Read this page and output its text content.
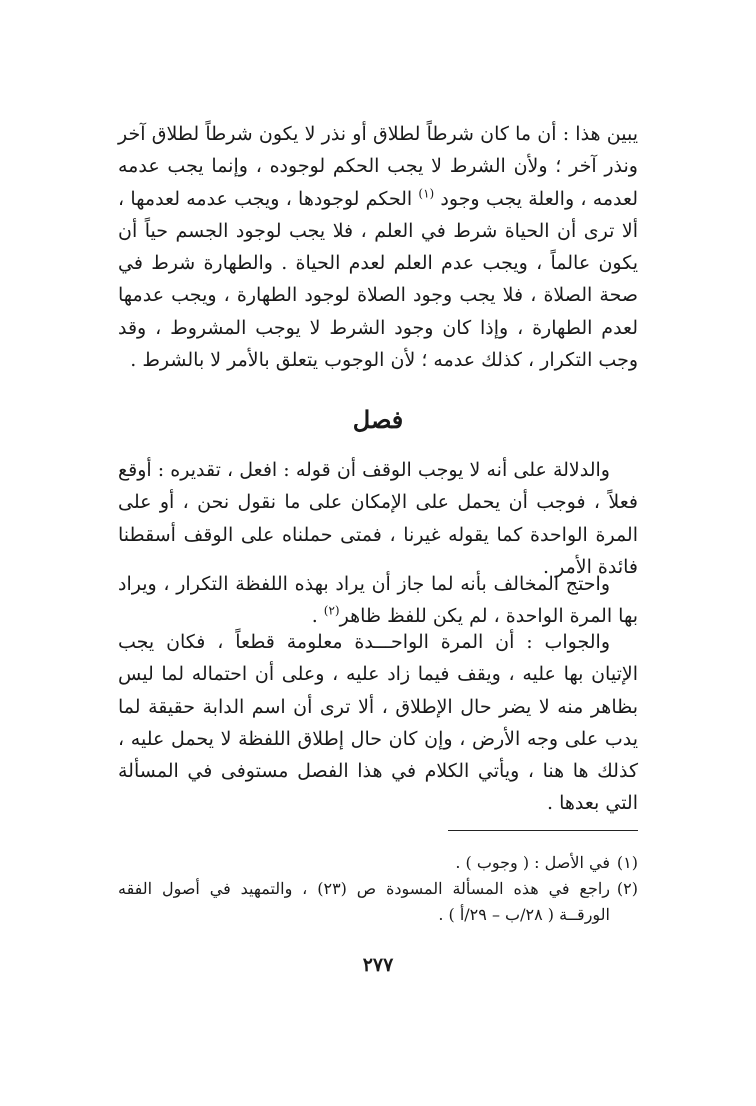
يبين هذا : أن ما كان شرطاً لطلاق أو نذر لا يكون شرطاً لطلاق آخر ونذر آخر ؛ ولأن الشرط لا يجب الحكم لوجوده ، وإنما يجب عدمه لعدمه ، والعلة يجب وجود $^{(١)}$ الحكم لوجودها ، ويجب عدمه لعدمها ، ألا ترى أن الحياة شرط في العلم ، فلا يجب لوجود الجسم حياً أن يكون عالماً ، ويجب عدم العلم لعدم الحياة . والطهارة شرط في صحة الصلاة ، فلا يجب وجود الصلاة لوجود الطهارة ، ويجب عدمها لعدم الطهارة ، وإذا كان وجود الشرط لا يوجب المشروط ، وقد وجب التكرار ، كذلك عدمه ؛ لأن الوجوب يتعلق بالأمر لا بالشرط .

فصل

والدلالة على أنه لا يوجب الوقف أن قوله : افعل ، تقديره : أوقع فعلاً ، فوجب أن يحمل على الإمكان على ما نقول نحن ، أو على المرة الواحدة كما يقوله غيرنا ، فمتى حملناه على الوقف أسقطنا فائدة الأمر .

واحتج المخالف بأنه لما جاز أن يراد بهذه اللفظة التكرار ، ويراد بها المرة الواحدة ، لم يكن للفظ ظاهر$^{(٢)}$ .

والجواب : أن المرة الواحـــدة معلومة قطعاً ، فكان يجب الإتيان بها عليه ، ويقف فيما زاد عليه ، وعلى أن احتماله لما ليس بظاهر منه لا يضر حال الإطلاق ، ألا ترى أن اسم الدابة حقيقة لما يدب على وجه الأرض ، وإن كان حال إطلاق اللفظة لا يحمل عليه ، كذلك ها هنا ، ويأتي الكلام في هذا الفصل مستوفى في المسألة التي بعدها .

(١)
في الأصل : ( وجوب ) .
(٢)
راجع في هذه المسألة المسودة ص (٢٣) ، والتمهيد في أصول الفقه الورقــة ( ٢٨/ب – ٢٩/أ ) .
٢٧٧
